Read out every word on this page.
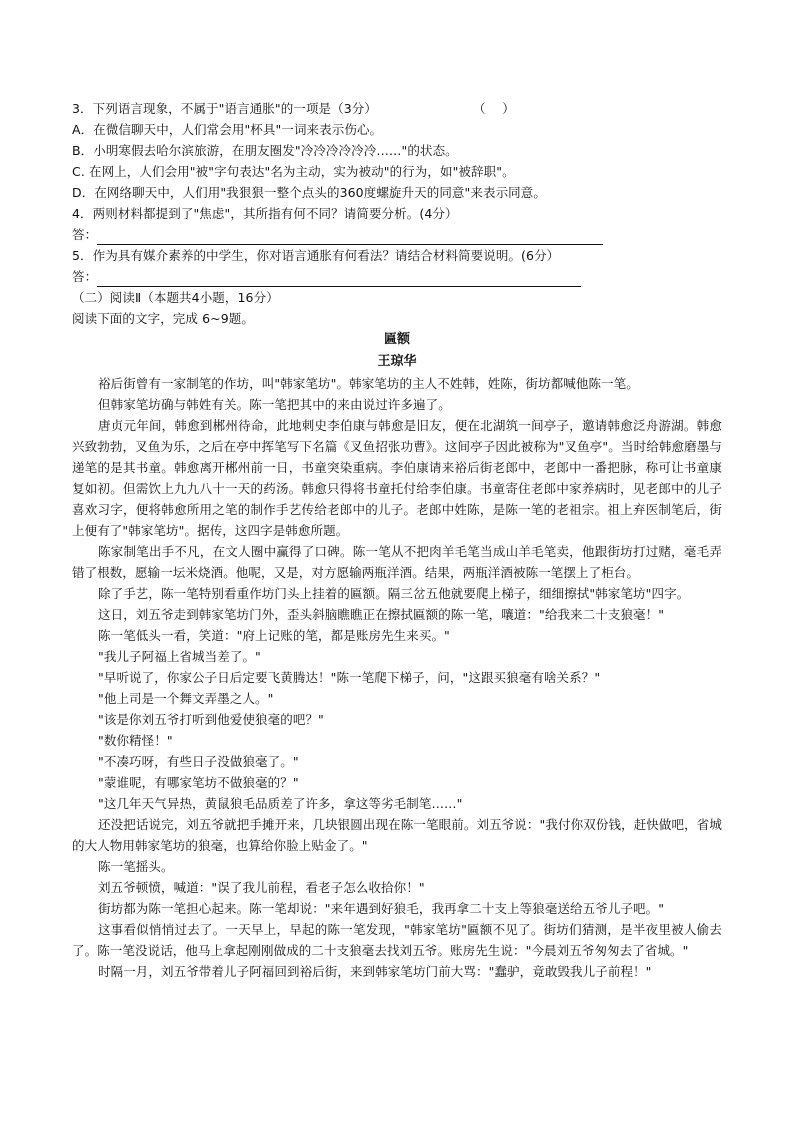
3．下列语言现象，不属于"语言通胀"的一项是（3分）	（　 ）
A．在微信聊天中，人们常会用"杯具"一词来表示伤心。
B．小明寒假去哈尔滨旅游，在朋友圈发"冷冷冷冷冷冷……"的状态。
C. 在网上，人们会用"被"字句表达"名为主动，实为被动"的行为，如"被辞职"。
D．在网络聊天中，人们用"我狠狠一整个点头的360度螺旋升天的同意"来表示同意。
4．两则材料都提到了"焦虑"，其所指有何不同？请简要分析。(4分）
答：
5．作为具有媒介素养的中学生，你对语言通胀有何看法？请结合材料简要说明。(6分）
答：
（二）阅读Ⅱ（本题共4小题，16分）
阅读下面的文字，完成 6~9题。
匾额
王琼华
裕后街曾有一家制笔的作坊，叫"韩家笔坊"。韩家笔坊的主人不姓韩，姓陈，街坊都喊他陈一笔。
但韩家笔坊确与韩姓有关。陈一笔把其中的来由说过许多遍了。
唐贞元年间，韩愈到郴州待命，此地刺史李伯康与韩愈是旧友，便在北湖筑一间亭子，邀请韩愈泛舟游湖。韩愈兴致勃勃，叉鱼为乐，之后在亭中挥笔写下名篇《叉鱼招张功曹》。这间亭子因此被称为"叉鱼亭"。当时给韩愈磨墨与递笔的是其书童。韩愈离开郴州前一日，书童突染重病。李伯康请来裕后街老郎中，老郎中一番把脉，称可让书童康复如初。但需饮上九九八十一天的药汤。韩愈只得将书童托付给李伯康。书童寄住老郎中家养病时，见老郎中的儿子喜欢习字，便将韩愈所用之笔的制作手艺传给老郎中的儿子。老郎中姓陈，是陈一笔的老祖宗。祖上弃医制笔后，街上便有了"韩家笔坊"。据传，这四字是韩愈所题。
陈家制笔出手不凡，在文人圈中赢得了口碑。陈一笔从不把肉羊毛笔当成山羊毛笔卖，他跟街坊打过赌，毫毛弄错了根数，愿输一坛米烧酒。他呢，又是，对方愿输两瓶洋酒。结果，两瓶洋酒被陈一笔摆上了柜台。
除了手艺，陈一笔特别看重作坊门头上挂着的匾额。隔三岔五他就要爬上梯子，细细擦拭"韩家笔坊"四字。
这日，刘五爷走到韩家笔坊门外，歪头斜脑瞧瞧正在擦拭匾额的陈一笔，嚷道："给我来二十支狼毫！"
陈一笔低头一看，笑道："府上记账的笔，都是账房先生来买。"
"我儿子阿福上省城当差了。"
"早听说了，你家公子日后定要飞黄腾达！"陈一笔爬下梯子，问，"这跟买狼毫有啥关系？"
"他上司是一个舞文弄墨之人。"
"该是你刘五爷打听到他爱使狼毫的吧？"
"数你精怪！"
"不凑巧呀，有些日子没做狼毫了。"
"蒙谁呢，有哪家笔坊不做狼毫的？"
"这几年天气异热，黄鼠狼毛品质差了许多，拿这等劣毛制笔……"
还没把话说完，刘五爷就把手摊开来，几块银圆出现在陈一笔眼前。刘五爷说："我付你双份钱，赶快做吧，省城的大人物用韩家笔坊的狼毫，也算给你脸上贴金了。"
陈一笔摇头。
刘五爷顿愤，喊道："误了我儿前程，看老子怎么收拾你！"
街坊都为陈一笔担心起来。陈一笔却说："来年遇到好狼毛，我再拿二十支上等狼毫送给五爷儿子吧。"
这事看似悄悄过去了。一天早上，早起的陈一笔发现，"韩家笔坊"匾额不见了。街坊们猜测，是半夜里被人偷去了。陈一笔没说话，他马上拿起刚刚做成的二十支狼毫去找刘五爷。账房先生说："今晨刘五爷匆匆去了省城。"
时隔一月，刘五爷带着儿子阿福回到裕后街，来到韩家笔坊门前大骂："蠢驴，竟敢毁我儿子前程！"
